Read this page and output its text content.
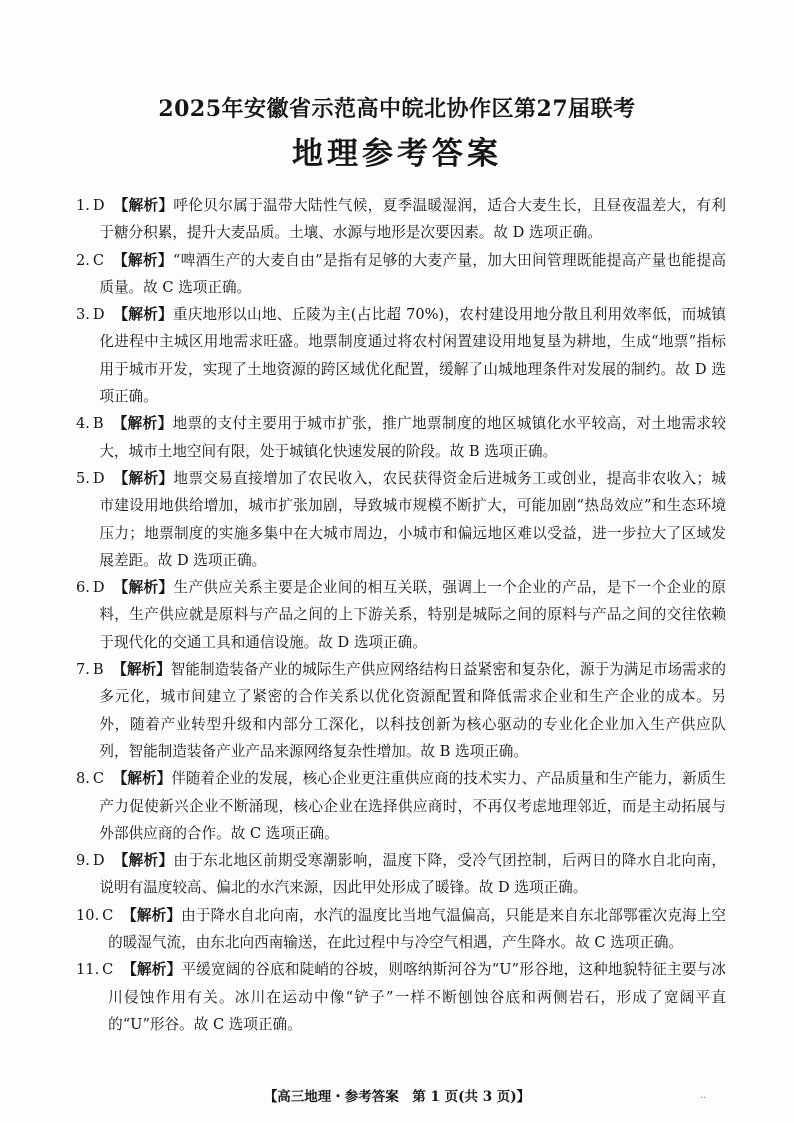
2025年安徽省示范高中皖北协作区第27届联考
地理参考答案
1. D 【解析】呼伦贝尔属于温带大陆性气候，夏季温暖湿润，适合大麦生长，且昼夜温差大，有利于糖分积累，提升大麦品质。土壤、水源与地形是次要因素。故 D 选项正确。
2. C 【解析】“啤酒生产的大麦自由”是指有足够的大麦产量，加大田间管理既能提高产量也能提高质量。故 C 选项正确。
3. D 【解析】重庆地形以山地、丘陵为主(占比超 70%)，农村建设用地分散且利用效率低，而城镇化进程中主城区用地需求旺盛。地票制度通过将农村闲置建设用地复垦为耕地，生成“地票”指标用于城市开发，实现了土地资源的跨区域优化配置，缓解了山城地理条件对发展的制约。故 D 选项正确。
4. B 【解析】地票的支付主要用于城市扩张，推广地票制度的地区城镇化水平较高，对土地需求较大，城市土地空间有限，处于城镇化快速发展的阶段。故 B 选项正确。
5. D 【解析】地票交易直接增加了农民收入，农民获得资金后进城务工或创业，提高非农收入；城市建设用地供给增加，城市扩张加剧，导致城市规模不断扩大，可能加剧“热岛效应”和生态环境压力；地票制度的实施多集中在大城市周边，小城市和偏远地区难以受益，进一步拉大了区域发展差距。故 D 选项正确。
6. D 【解析】生产供应关系主要是企业间的相互关联，强调上一个企业的产品，是下一个企业的原料，生产供应就是原料与产品之间的上下游关系，特别是城际之间的原料与产品之间的交往依赖于现代化的交通工具和通信设施。故 D 选项正确。
7. B 【解析】智能制造装备产业的城际生产供应网络结构日益紧密和复杂化，源于为满足市场需求的多元化，城市间建立了紧密的合作关系以优化资源配置和降低需求企业和生产企业的成本。另外，随着产业转型升级和内部分工深化，以科技创新为核心驱动的专业化企业加入生产供应队列，智能制造装备产业产品来源网络复杂性增加。故 B 选项正确。
8. C 【解析】伴随着企业的发展，核心企业更注重供应商的技术实力、产品质量和生产能力，新质生产力促使新兴企业不断涌现，核心企业在选择供应商时，不再仅考虑地理邻近，而是主动拓展与外部供应商的合作。故 C 选项正确。
9. D 【解析】由于东北地区前期受寒潮影响，温度下降，受冷气团控制，后两日的降水自北向南，说明有温度较高、偏北的水汽来源，因此甲处形成了暖锋。故 D 选项正确。
10. C 【解析】由于降水自北向南，水汽的温度比当地气温偏高，只能是来自东北部鄂霍次克海上空的暖湿气流，由东北向西南输送，在此过程中与冷空气相遇，产生降水。故 C 选项正确。
11. C 【解析】平缓宽阔的谷底和陡峭的谷坡，则喀纳斯河谷为“U”形谷地，这种地貌特征主要与冰川侵蚀作用有关。冰川在运动中像“铲子”一样不断刨蚀谷底和两侧岩石，形成了宽阔平直的“U”形谷。故 C 选项正确。
【高三地理・参考答案　第 1 页(共 3 页)】	..
